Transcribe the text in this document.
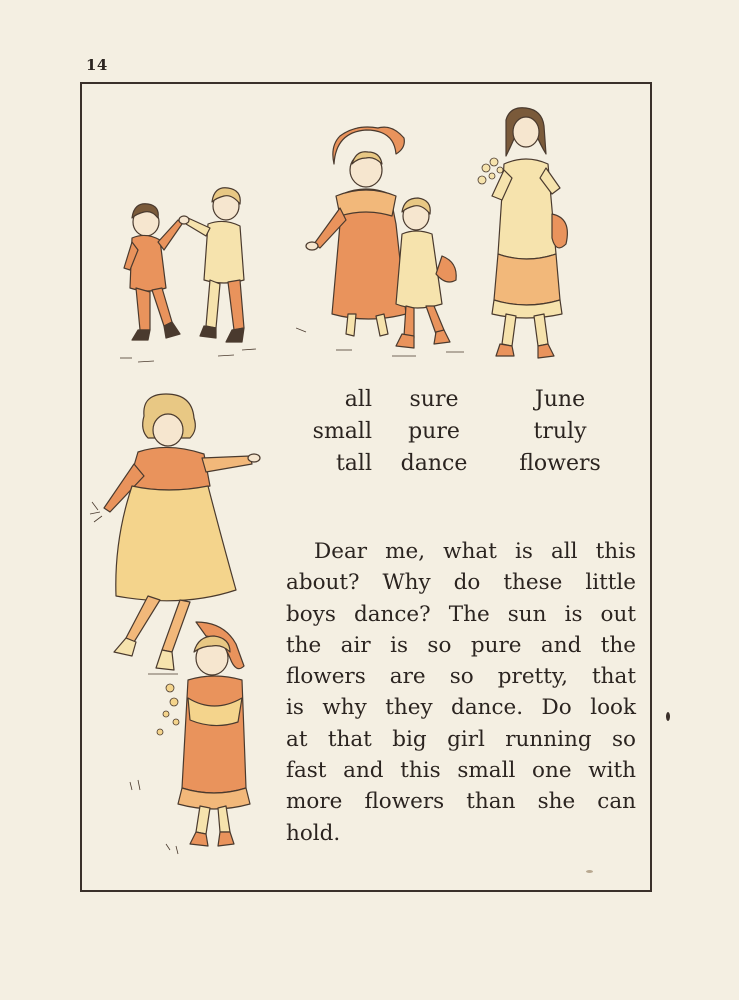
14
all	sure	June
small	pure	truly
tall	dance	flowers

Dear me, what is all this
about? Why do these little
boys dance? The sun is out
the air is so pure and the
flowers are so pretty, that
is why they dance. Do look
at that big girl running so
fast and this small one with
more flowers than she can
hold.
